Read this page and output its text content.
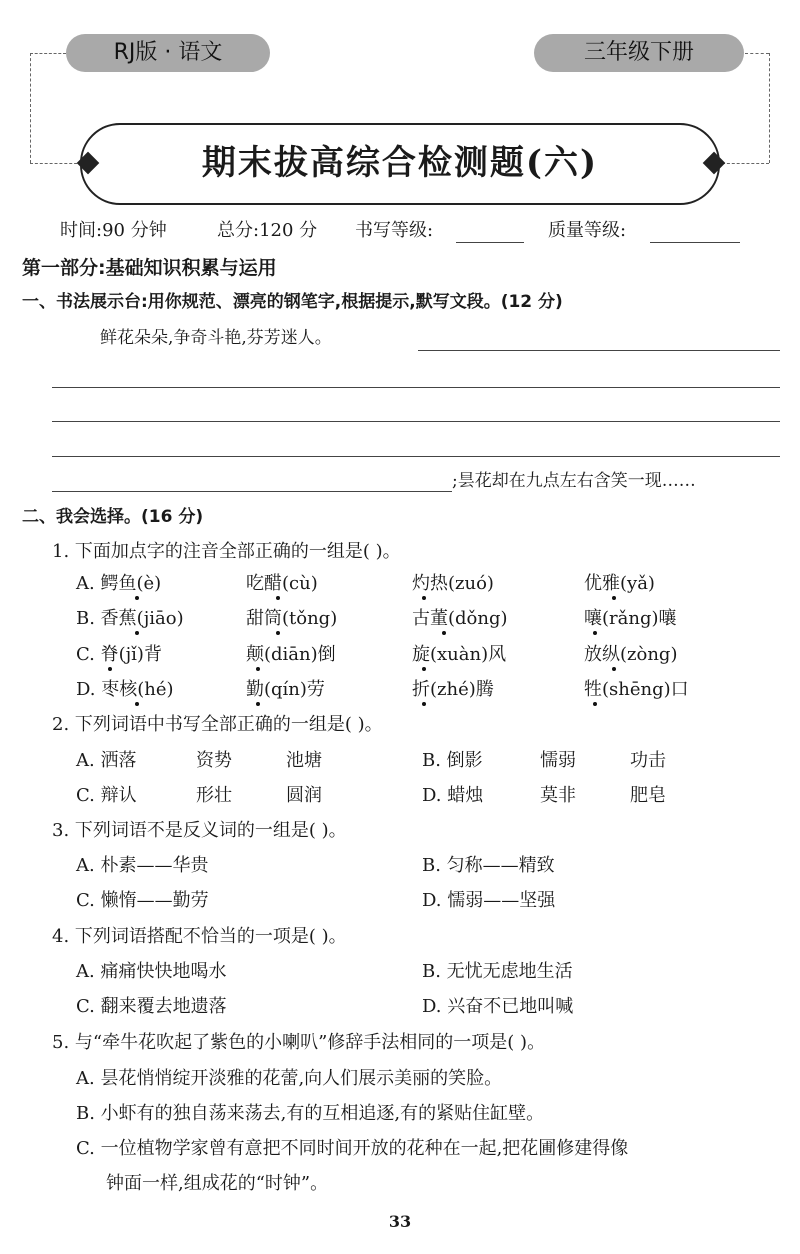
RJ版 · 语文	三年级下册
期末拔高综合检测题(六)
时间:90 分钟	总分:120 分 书写等级:	质量等级:
第一部分:基础知识积累与运用
一、书法展示台:用你规范、漂亮的钢笔字,根据提示,默写文段。(12 分)
鲜花朵朵,争奇斗艳,芬芳迷人。
;昙花却在九点左右含笑一现……
二、我会选择。(16 分)
1. 下面加点字的注音全部正确的一组是( )。
A. 鳄鱼(è)	吃醋(cù)	灼热(zuó)	优雅(yǎ)
B. 香蕉(jiāo)	甜筒(tǒng)	古董(dǒng)	嚷(rǎng)嚷
C. 脊(jǐ)背	颠(diān)倒	旋(xuàn)风	放纵(zòng)
D. 枣核(hé)	勤(qín)劳	折(zhé)腾	牲(shēng)口
2. 下列词语中书写全部正确的一组是( )。
A. 洒落	资势	池塘	B. 倒影	懦弱	功击
C. 辩认	形壮	圆润	D. 蜡烛	莫非	肥皂
3. 下列词语不是反义词的一组是( )。
A. 朴素——华贵	B. 匀称——精致
C. 懒惰——勤劳	D. 懦弱——坚强
4. 下列词语搭配不恰当的一项是( )。
A. 痛痛快快地喝水	B. 无忧无虑地生活
C. 翻来覆去地遗落	D. 兴奋不已地叫喊
5. 与“牵牛花吹起了紫色的小喇叭”修辞手法相同的一项是( )。
A. 昙花悄悄绽开淡雅的花蕾,向人们展示美丽的笑脸。
B. 小虾有的独自荡来荡去,有的互相追逐,有的紧贴住缸壁。
C. 一位植物学家曾有意把不同时间开放的花种在一起,把花圃修建得像
钟面一样,组成花的“时钟”。
33
